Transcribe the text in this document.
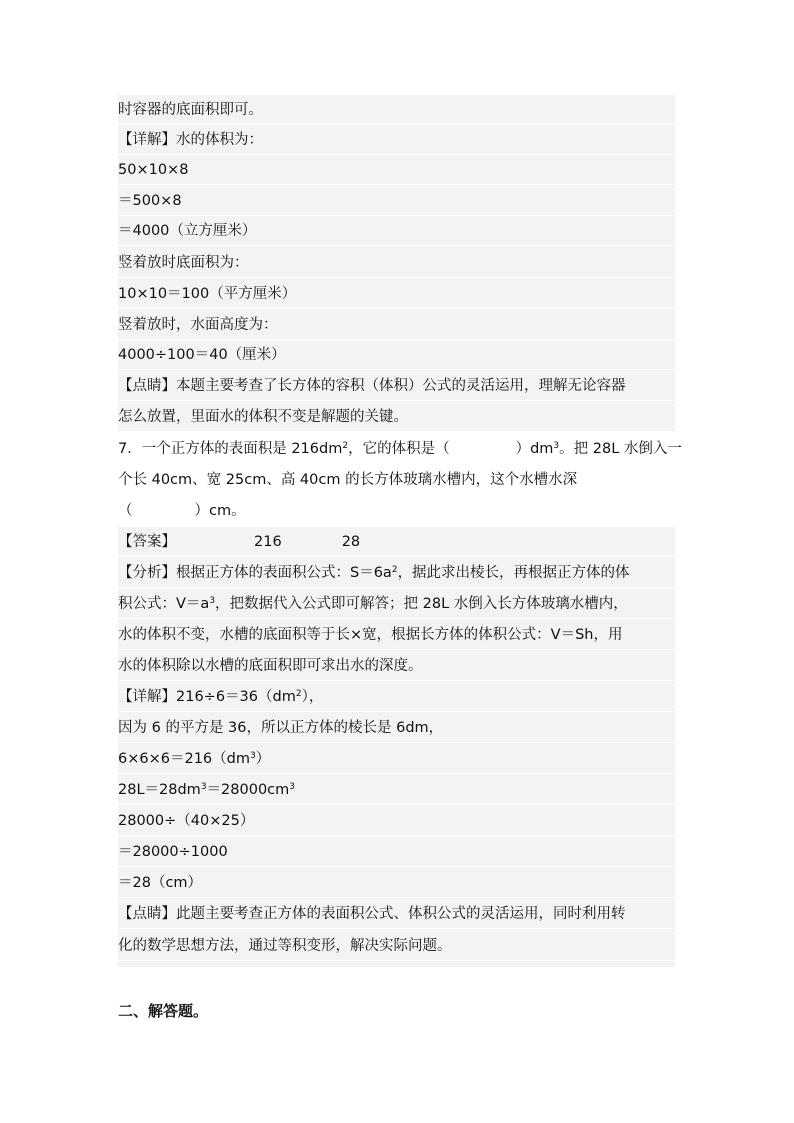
时容器的底面积即可。
【详解】水的体积为：
50×10×8
＝500×8
＝4000（立方厘米）
竖着放时底面积为：
10×10＝100（平方厘米）
竖着放时，水面高度为：
4000÷100＝40（厘米）
【点睛】本题主要考查了长方体的容积（体积）公式的灵活运用，理解无论容器
怎么放置，里面水的体积不变是解题的关键。
7．一个正方体的表面积是 $216dm^2$，它的体积是（	）$dm^3$。把 28L 水倒入一
个长 40cm、宽 25cm、高 40cm 的长方体玻璃水槽内，这个水槽水深
（	）cm。
【答案】	216	28
【分析】根据正方体的表面积公式：$S=6a^2$，据此求出棱长，再根据正方体的体
积公式：$V=a^3$，把数据代入公式即可解答；把 28L 水倒入长方体玻璃水槽内，
水的体积不变，水槽的底面积等于长×宽，根据长方体的体积公式：V＝Sh，用
水的体积除以水槽的底面积即可求出水的深度。
【详解】$216\div 6=36(dm^2)$，
因为 6 的平方是 36，所以正方体的棱长是 6dm，
$6\times 6\times 6=216(dm^3)$
$28L=28dm^3=28000cm^3$
28000÷（40×25）
＝28000÷1000
＝28（cm）
【点睛】此题主要考查正方体的表面积公式、体积公式的灵活运用，同时利用转
化的数学思想方法，通过等积变形，解决实际问题。
二、解答题。
